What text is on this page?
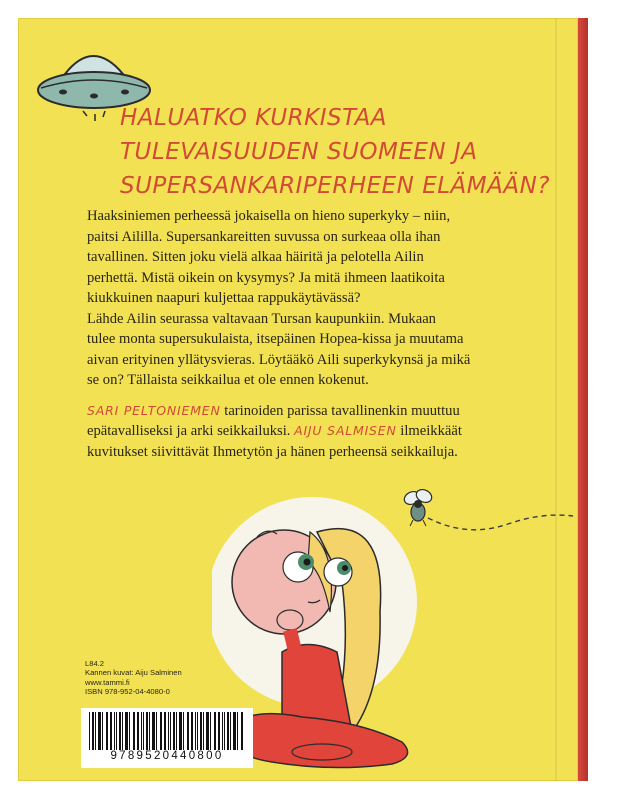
HALUATKO KURKISTAA
TULEVAISUUDEN SUOMEEN JA
SUPERSANKARIPERHEEN ELÄMÄÄN?

Haaksiniemen perheessä jokaisella on hieno superkyky – niin,
paitsi Aililla. Supersankareitten suvussa on surkeaa olla ihan
tavallinen. Sitten joku vielä alkaa häiritä ja pelotella Ailin
perhettä. Mistä oikein on kysymys? Ja mitä ihmeen laatikoita
kiukkuinen naapuri kuljettaa rappukäytävässä?

Lähde Ailin seurassa valtavaan Tursan kaupunkiin. Mukaan
tulee monta supersukulaista, itsepäinen Hopea-kissa ja muutama
aivan erityinen yllätysvieras. Löytääkö Aili superkykynsä ja mikä
se on? Tällaista seikkailua et ole ennen kokenut.

SARI PELTONIEMEN tarinoiden parissa tavallinenkin muuttuu
epätavalliseksi ja arki seikkailuksi. AIJU SALMISEN ilmeikkäät
kuvitukset siivittävät Ihmetytön ja hänen perheensä seikkailuja.

L84.2
Kannen kuvat: Aiju Salminen
www.tammi.fi
ISBN 978-952-04-4080-0
9789520440800
